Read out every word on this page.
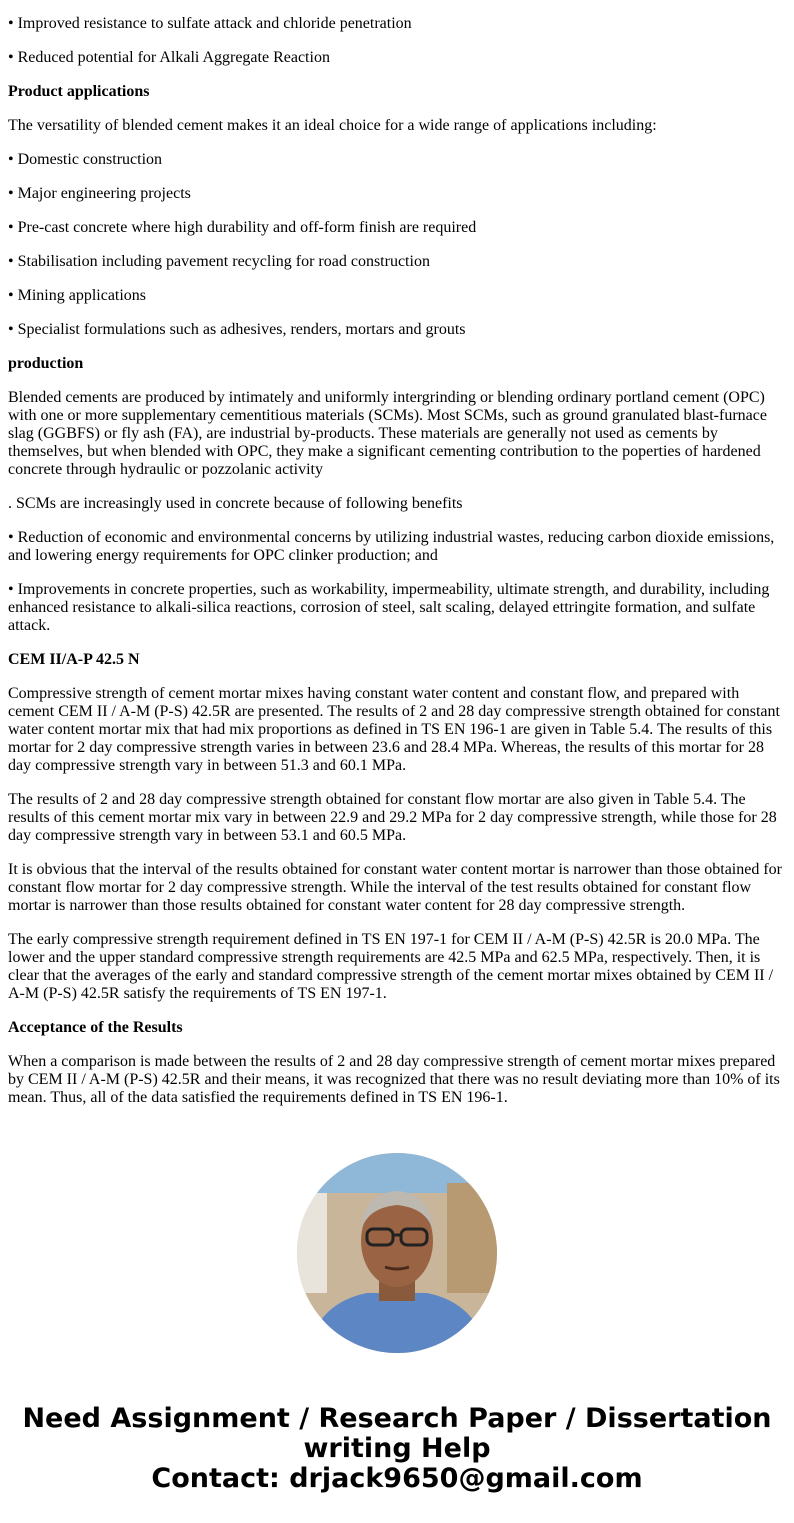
• Improved resistance to sulfate attack and chloride penetration

• Reduced potential for Alkali Aggregate Reaction

Product applications

The versatility of blended cement makes it an ideal choice for a wide range of applications including:

• Domestic construction

• Major engineering projects

• Pre-cast concrete where high durability and off-form finish are required

• Stabilisation including pavement recycling for road construction

• Mining applications

• Specialist formulations such as adhesives, renders, mortars and grouts

production

Blended cements are produced by intimately and uniformly intergrinding or blending ordinary portland cement (OPC) with one or more supplementary cementitious materials (SCMs). Most SCMs, such as ground granulated blast-furnace slag (GGBFS) or fly ash (FA), are industrial by-products. These materials are generally not used as cements by themselves, but when blended with OPC, they make a significant cementing contribution to the poperties of hardened concrete through hydraulic or pozzolanic activity

. SCMs are increasingly used in concrete because of following benefits

• Reduction of economic and environmental concerns by utilizing industrial wastes, reducing carbon dioxide emissions, and lowering energy requirements for OPC clinker production; and

• Improvements in concrete properties, such as workability, impermeability, ultimate strength, and durability, including enhanced resistance to alkali-silica reactions, corrosion of steel, salt scaling, delayed ettringite formation, and sulfate attack.

CEM II/A-P 42.5 N

Compressive strength of cement mortar mixes having constant water content and constant flow, and prepared with cement CEM II / A-M (P-S) 42.5R are presented. The results of 2 and 28 day compressive strength obtained for constant water content mortar mix that had mix proportions as defined in TS EN 196-1 are given in Table 5.4. The results of this mortar for 2 day compressive strength varies in between 23.6 and 28.4 MPa. Whereas, the results of this mortar for 28 day compressive strength vary in between 51.3 and 60.1 MPa.

The results of 2 and 28 day compressive strength obtained for constant flow mortar are also given in Table 5.4. The results of this cement mortar mix vary in between 22.9 and 29.2 MPa for 2 day compressive strength, while those for 28 day compressive strength vary in between 53.1 and 60.5 MPa.

It is obvious that the interval of the results obtained for constant water content mortar is narrower than those obtained for constant flow mortar for 2 day compressive strength. While the interval of the test results obtained for constant flow mortar is narrower than those results obtained for constant water content for 28 day compressive strength.

The early compressive strength requirement defined in TS EN 197-1 for CEM II / A-M (P-S) 42.5R is 20.0 MPa. The lower and the upper standard compressive strength requirements are 42.5 MPa and 62.5 MPa, respectively. Then, it is clear that the averages of the early and standard compressive strength of the cement mortar mixes obtained by CEM II / A-M (P-S) 42.5R satisfy the requirements of TS EN 197-1.

Acceptance of the Results

When a comparison is made between the results of 2 and 28 day compressive strength of cement mortar mixes prepared by CEM II / A-M (P-S) 42.5R and their means, it was recognized that there was no result deviating more than 10% of its mean. Thus, all of the data satisfied the requirements defined in TS EN 196-1.

Need Assignment / Research Paper / Dissertation writing Help
Contact: drjack9650@gmail.com
